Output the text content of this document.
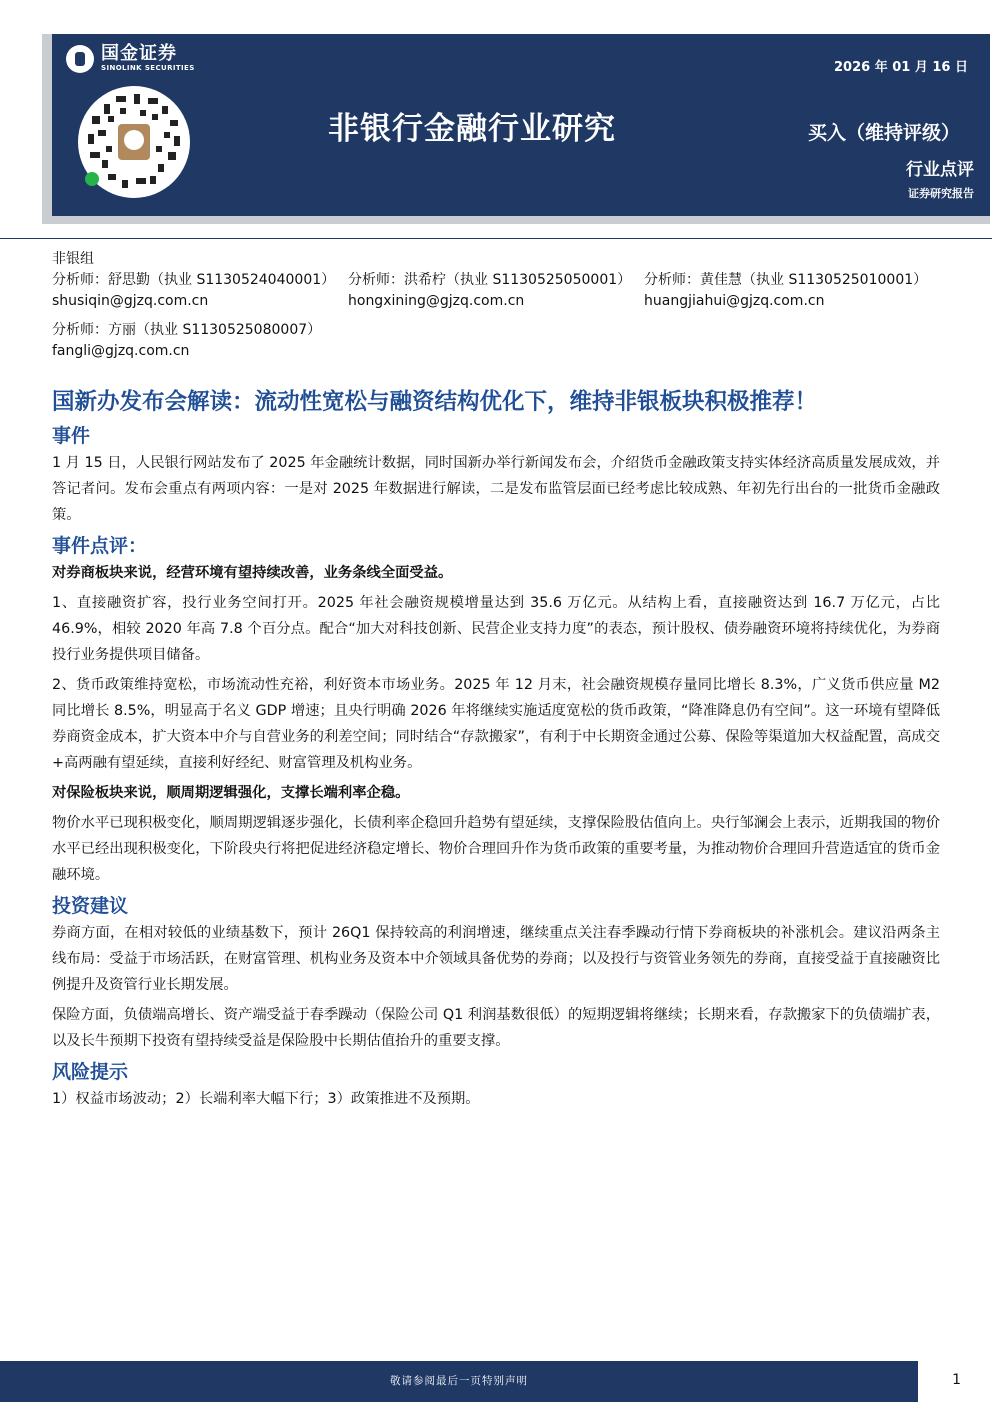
国金证券
SINOLINK SECURITIES
非银行金融行业研究
2026 年 01 月 16 日
买入（维持评级）
行业点评
证券研究报告

非银组

分析师：舒思勤（执业 S1130524040001）

shusiqin@gjzq.com.cn

分析师：洪希柠（执业 S1130525050001）

hongxining@gjzq.com.cn

分析师：黄佳慧（执业 S1130525010001）

huangjiahui@gjzq.com.cn

分析师：方丽（执业 S1130525080007）

fangli@gjzq.com.cn

国新办发布会解读：流动性宽松与融资结构优化下，维持非银板块积极推荐！
事件

1 月 15 日，人民银行网站发布了 2025 年金融统计数据，同时国新办举行新闻发布会，介绍货币金融政策支持实体经济高质量发展成效，并答记者问。发布会重点有两项内容：一是对 2025 年数据进行解读，二是发布监管层面已经考虑比较成熟、年初先行出台的一批货币金融政策。

事件点评：

对券商板块来说，经营环境有望持续改善，业务条线全面受益。

1、直接融资扩容，投行业务空间打开。2025 年社会融资规模增量达到 35.6 万亿元。从结构上看，直接融资达到 16.7 万亿元，占比 46.9%，相较 2020 年高 7.8 个百分点。配合“加大对科技创新、民营企业支持力度”的表态，预计股权、债券融资环境将持续优化，为券商投行业务提供项目储备。

2、货币政策维持宽松，市场流动性充裕，利好资本市场业务。2025 年 12 月末，社会融资规模存量同比增长 8.3%，广义货币供应量 M2 同比增长 8.5%，明显高于名义 GDP 增速；且央行明确 2026 年将继续实施适度宽松的货币政策，“降准降息仍有空间”。这一环境有望降低券商资金成本，扩大资本中介与自营业务的利差空间；同时结合“存款搬家”，有利于中长期资金通过公募、保险等渠道加大权益配置，高成交+高两融有望延续，直接利好经纪、财富管理及机构业务。

对保险板块来说，顺周期逻辑强化，支撑长端利率企稳。

物价水平已现积极变化，顺周期逻辑逐步强化，长债利率企稳回升趋势有望延续，支撑保险股估值向上。央行邹澜会上表示，近期我国的物价水平已经出现积极变化，下阶段央行将把促进经济稳定增长、物价合理回升作为货币政策的重要考量，为推动物价合理回升营造适宜的货币金融环境。

投资建议

券商方面，在相对较低的业绩基数下，预计 26Q1 保持较高的利润增速，继续重点关注春季躁动行情下券商板块的补涨机会。建议沿两条主线布局：受益于市场活跃，在财富管理、机构业务及资本中介领域具备优势的券商；以及投行与资管业务领先的券商，直接受益于直接融资比例提升及资管行业长期发展。

保险方面，负债端高增长、资产端受益于春季躁动（保险公司 Q1 利润基数很低）的短期逻辑将继续；长期来看，存款搬家下的负债端扩表，以及长牛预期下投资有望持续受益是保险股中长期估值抬升的重要支撑。

风险提示

1）权益市场波动；2）长端利率大幅下行；3）政策推进不及预期。

敬请参阅最后一页特别声明	1
